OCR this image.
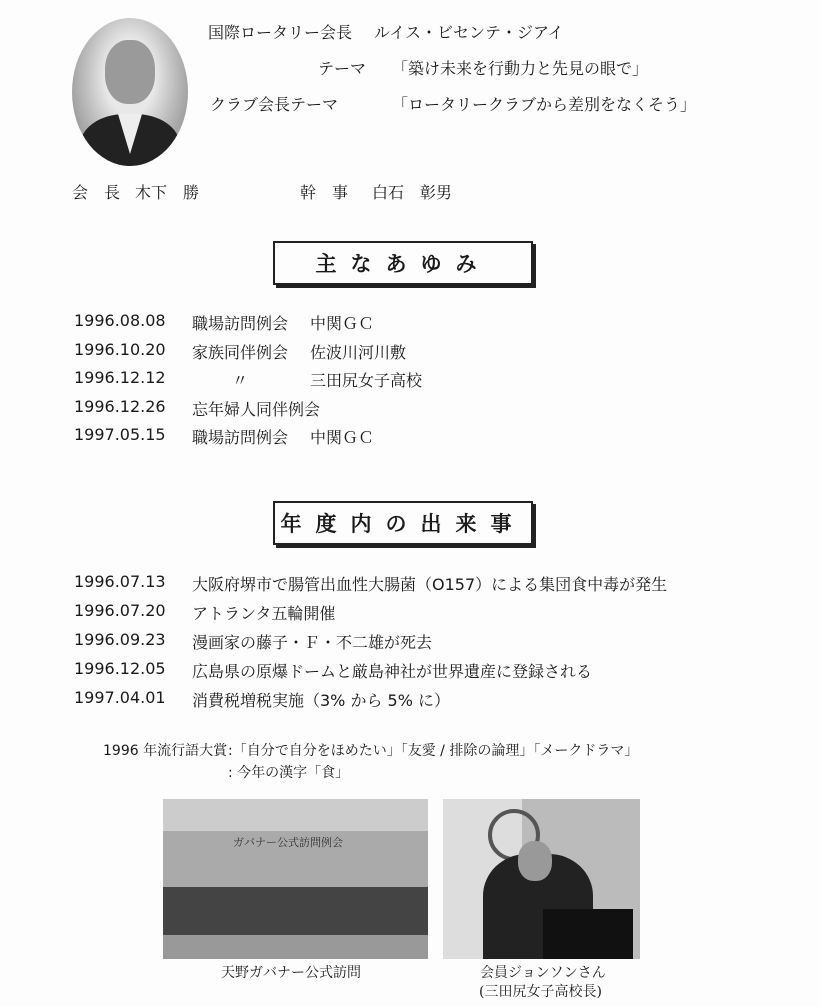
国際ロータリー会長 ルイス・ビセンテ・ジアイ
テーマ 「築け未来を行動力と先見の眼で」
クラブ会長テーマ	「ロータリークラブから差別をなくそう」
会　長 木下　勝	幹　事 白石　彰男
主なあゆみ
1996.08.08 職場訪問例会 中関ＧＣ
1996.10.20 家族同伴例会 佐波川河川敷
1996.12.12	〃	三田尻女子高校
1996.12.26 忘年婦人同伴例会
1997.05.15 職場訪問例会 中関ＧＣ
年度内の出来事
1996.07.13 大阪府堺市で腸管出血性大腸菌（O157）による集団食中毒が発生
1996.07.20 アトランタ五輪開催
1996.09.23 漫画家の藤子・Ｆ・不二雄が死去
1996.12.05 広島県の原爆ドームと厳島神社が世界遺産に登録される
1997.04.01 消費税増税実施（3% から 5% に）
1996 年流行語大賞 :「自分で自分をほめたい」「友愛 / 排除の論理」「メークドラマ」
: 今年の漢字「食」
ガバナー公式訪問例会
天野ガバナー公式訪問	会員ジョンソンさん
(三田尻女子高校長)
